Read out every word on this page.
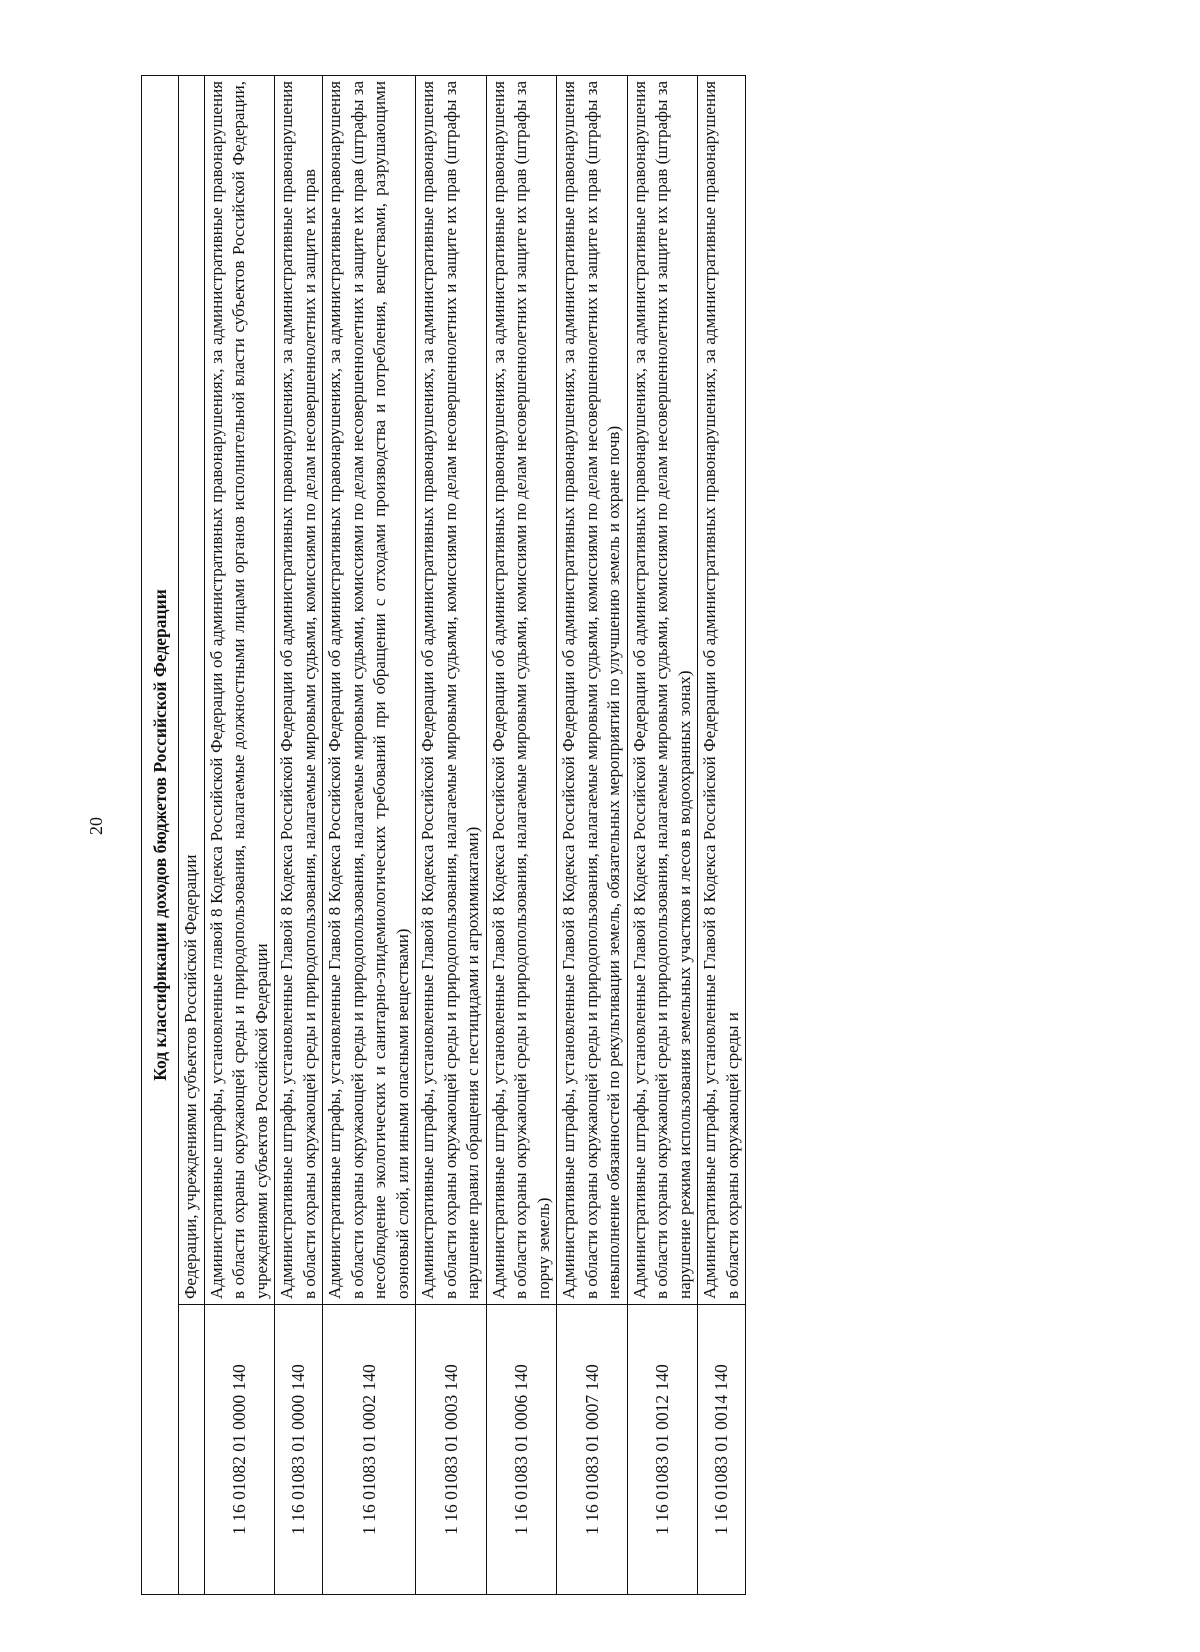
20	Код классификации доходов бюджетов Российской Федерации	
	Федерации, учреждениями субъектов Российской Федерации
1 16 01082 01 0000 140	Административные штрафы, установленные главой 8 Кодекса Российской Федерации об административных правонарушениях, за административные правонарушения в области охраны окружающей среды и природопользования, налагаемые должностными лицами органов исполнительной власти субъектов Российской Федерации, учреждениями субъектов Российской Федерации
1 16 01083 01 0000 140	Административные штрафы, установленные Главой 8 Кодекса Российской Федерации об административных правонарушениях, за административные правонарушения в области охраны окружающей среды и природопользования, налагаемые мировыми судьями, комиссиями по делам несовершеннолетних и защите их прав
1 16 01083 01 0002 140	Административные штрафы, установленные Главой 8 Кодекса Российской Федерации об административных правонарушениях, за административные правонарушения в области охраны окружающей среды и природопользования, налагаемые мировыми судьями, комиссиями по делам несовершеннолетних и защите их прав (штрафы за несоблюдение экологических и санитарно-эпидемиологических требований при обращении с отходами производства и потребления, веществами, разрушающими озоновый слой, или иными опасными веществами)
1 16 01083 01 0003 140	Административные штрафы, установленные Главой 8 Кодекса Российской Федерации об административных правонарушениях, за административные правонарушения в области охраны окружающей среды и природопользования, налагаемые мировыми судьями, комиссиями по делам несовершеннолетних и защите их прав (штрафы за нарушение правил обращения с пестицидами и агрохимикатами)
1 16 01083 01 0006 140	Административные штрафы, установленные Главой 8 Кодекса Российской Федерации об административных правонарушениях, за административные правонарушения в области охраны окружающей среды и природопользования, налагаемые мировыми судьями, комиссиями по делам несовершеннолетних и защите их прав (штрафы за порчу земель)
1 16 01083 01 0007 140	Административные штрафы, установленные Главой 8 Кодекса Российской Федерации об административных правонарушениях, за административные правонарушения в области охраны окружающей среды и природопользования, налагаемые мировыми судьями, комиссиями по делам несовершеннолетних и защите их прав (штрафы за невыполнение обязанностей по рекультивации земель, обязательных мероприятий по улучшению земель и охране почв)
1 16 01083 01 0012 140	Административные штрафы, установленные Главой 8 Кодекса Российской Федерации об административных правонарушениях, за административные правонарушения в области охраны окружающей среды и природопользования, налагаемые мировыми судьями, комиссиями по делам несовершеннолетних и защите их прав (штрафы за нарушение режима использования земельных участков и лесов в водоохранных зонах)
1 16 01083 01 0014 140	Административные штрафы, установленные Главой 8 Кодекса Российской Федерации об административных правонарушениях, за административные правонарушения в области охраны окружающей среды и
